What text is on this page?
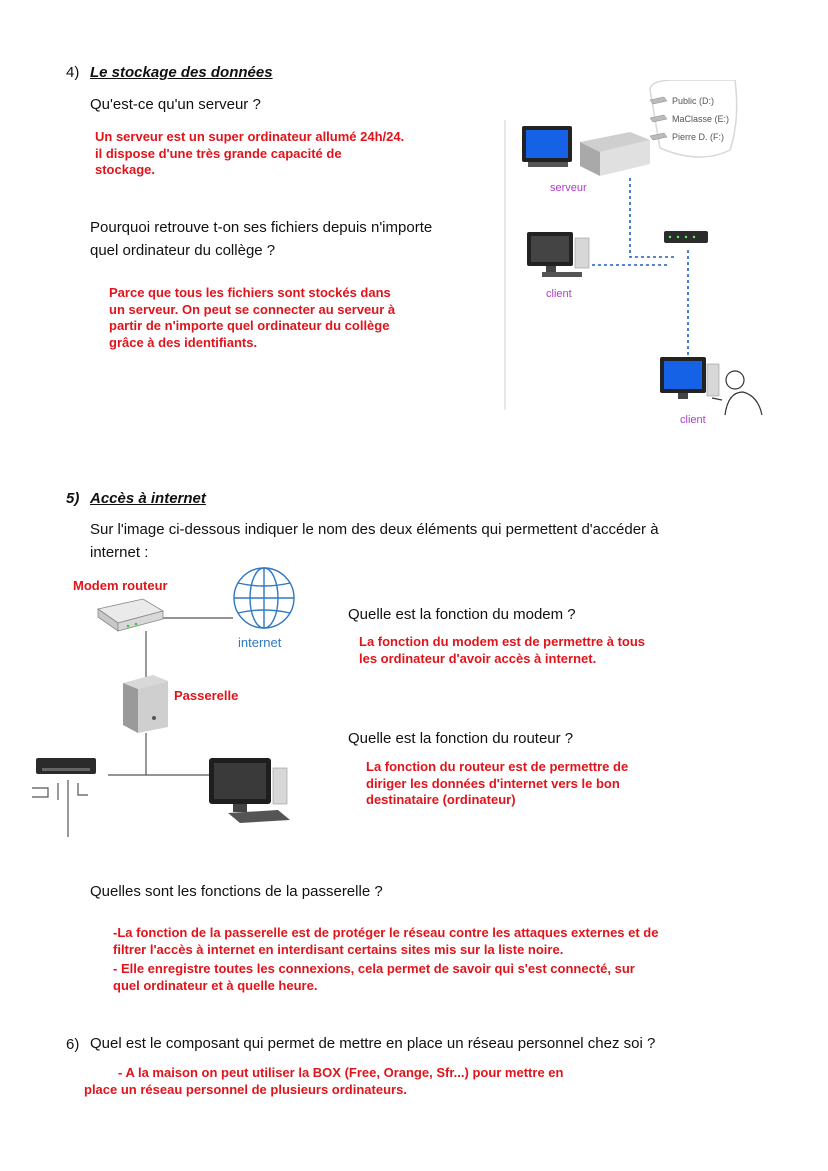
4) Le stockage des données
Qu'est-ce qu'un serveur ?
Un serveur est un super ordinateur allumé 24h/24.
il dispose d'une très grande capacité de
stockage.
Pourquoi retrouve t-on ses fichiers depuis n'importe
quel ordinateur du collège ?
Parce que tous les fichiers sont stockés dans
un serveur. On peut se connecter au serveur à
partir de n'importe quel ordinateur du collège
grâce à des identifiants.
Public (D:)
MaClasse (E:)
Pierre D. (F:)
serveur
client
client
5) Accès à internet
Sur l'image ci-dessous indiquer le nom des deux éléments qui permettent d'accéder à
internet :
Modem routeur
internet
Passerelle
Quelle est la fonction du modem ?
La fonction du modem est de permettre à tous
les ordinateur d'avoir accès à internet.
Quelle est la fonction du routeur ?
La fonction du routeur est de permettre de
diriger les données d'internet vers le bon
destinataire (ordinateur)
Quelles sont les fonctions de la passerelle ?
-La fonction de la passerelle est de protéger le réseau contre les attaques externes et de
filtrer l'accès à internet en interdisant certains sites mis sur la liste noire.
- Elle enregistre toutes les connexions, cela permet de savoir qui s'est connecté, sur
quel ordinateur et à quelle heure.
6) Quel est le composant qui permet de mettre en place un réseau personnel chez soi ?
- A la maison on peut utiliser la BOX (Free, Orange, Sfr...) pour mettre en
place un réseau personnel de plusieurs ordinateurs.
